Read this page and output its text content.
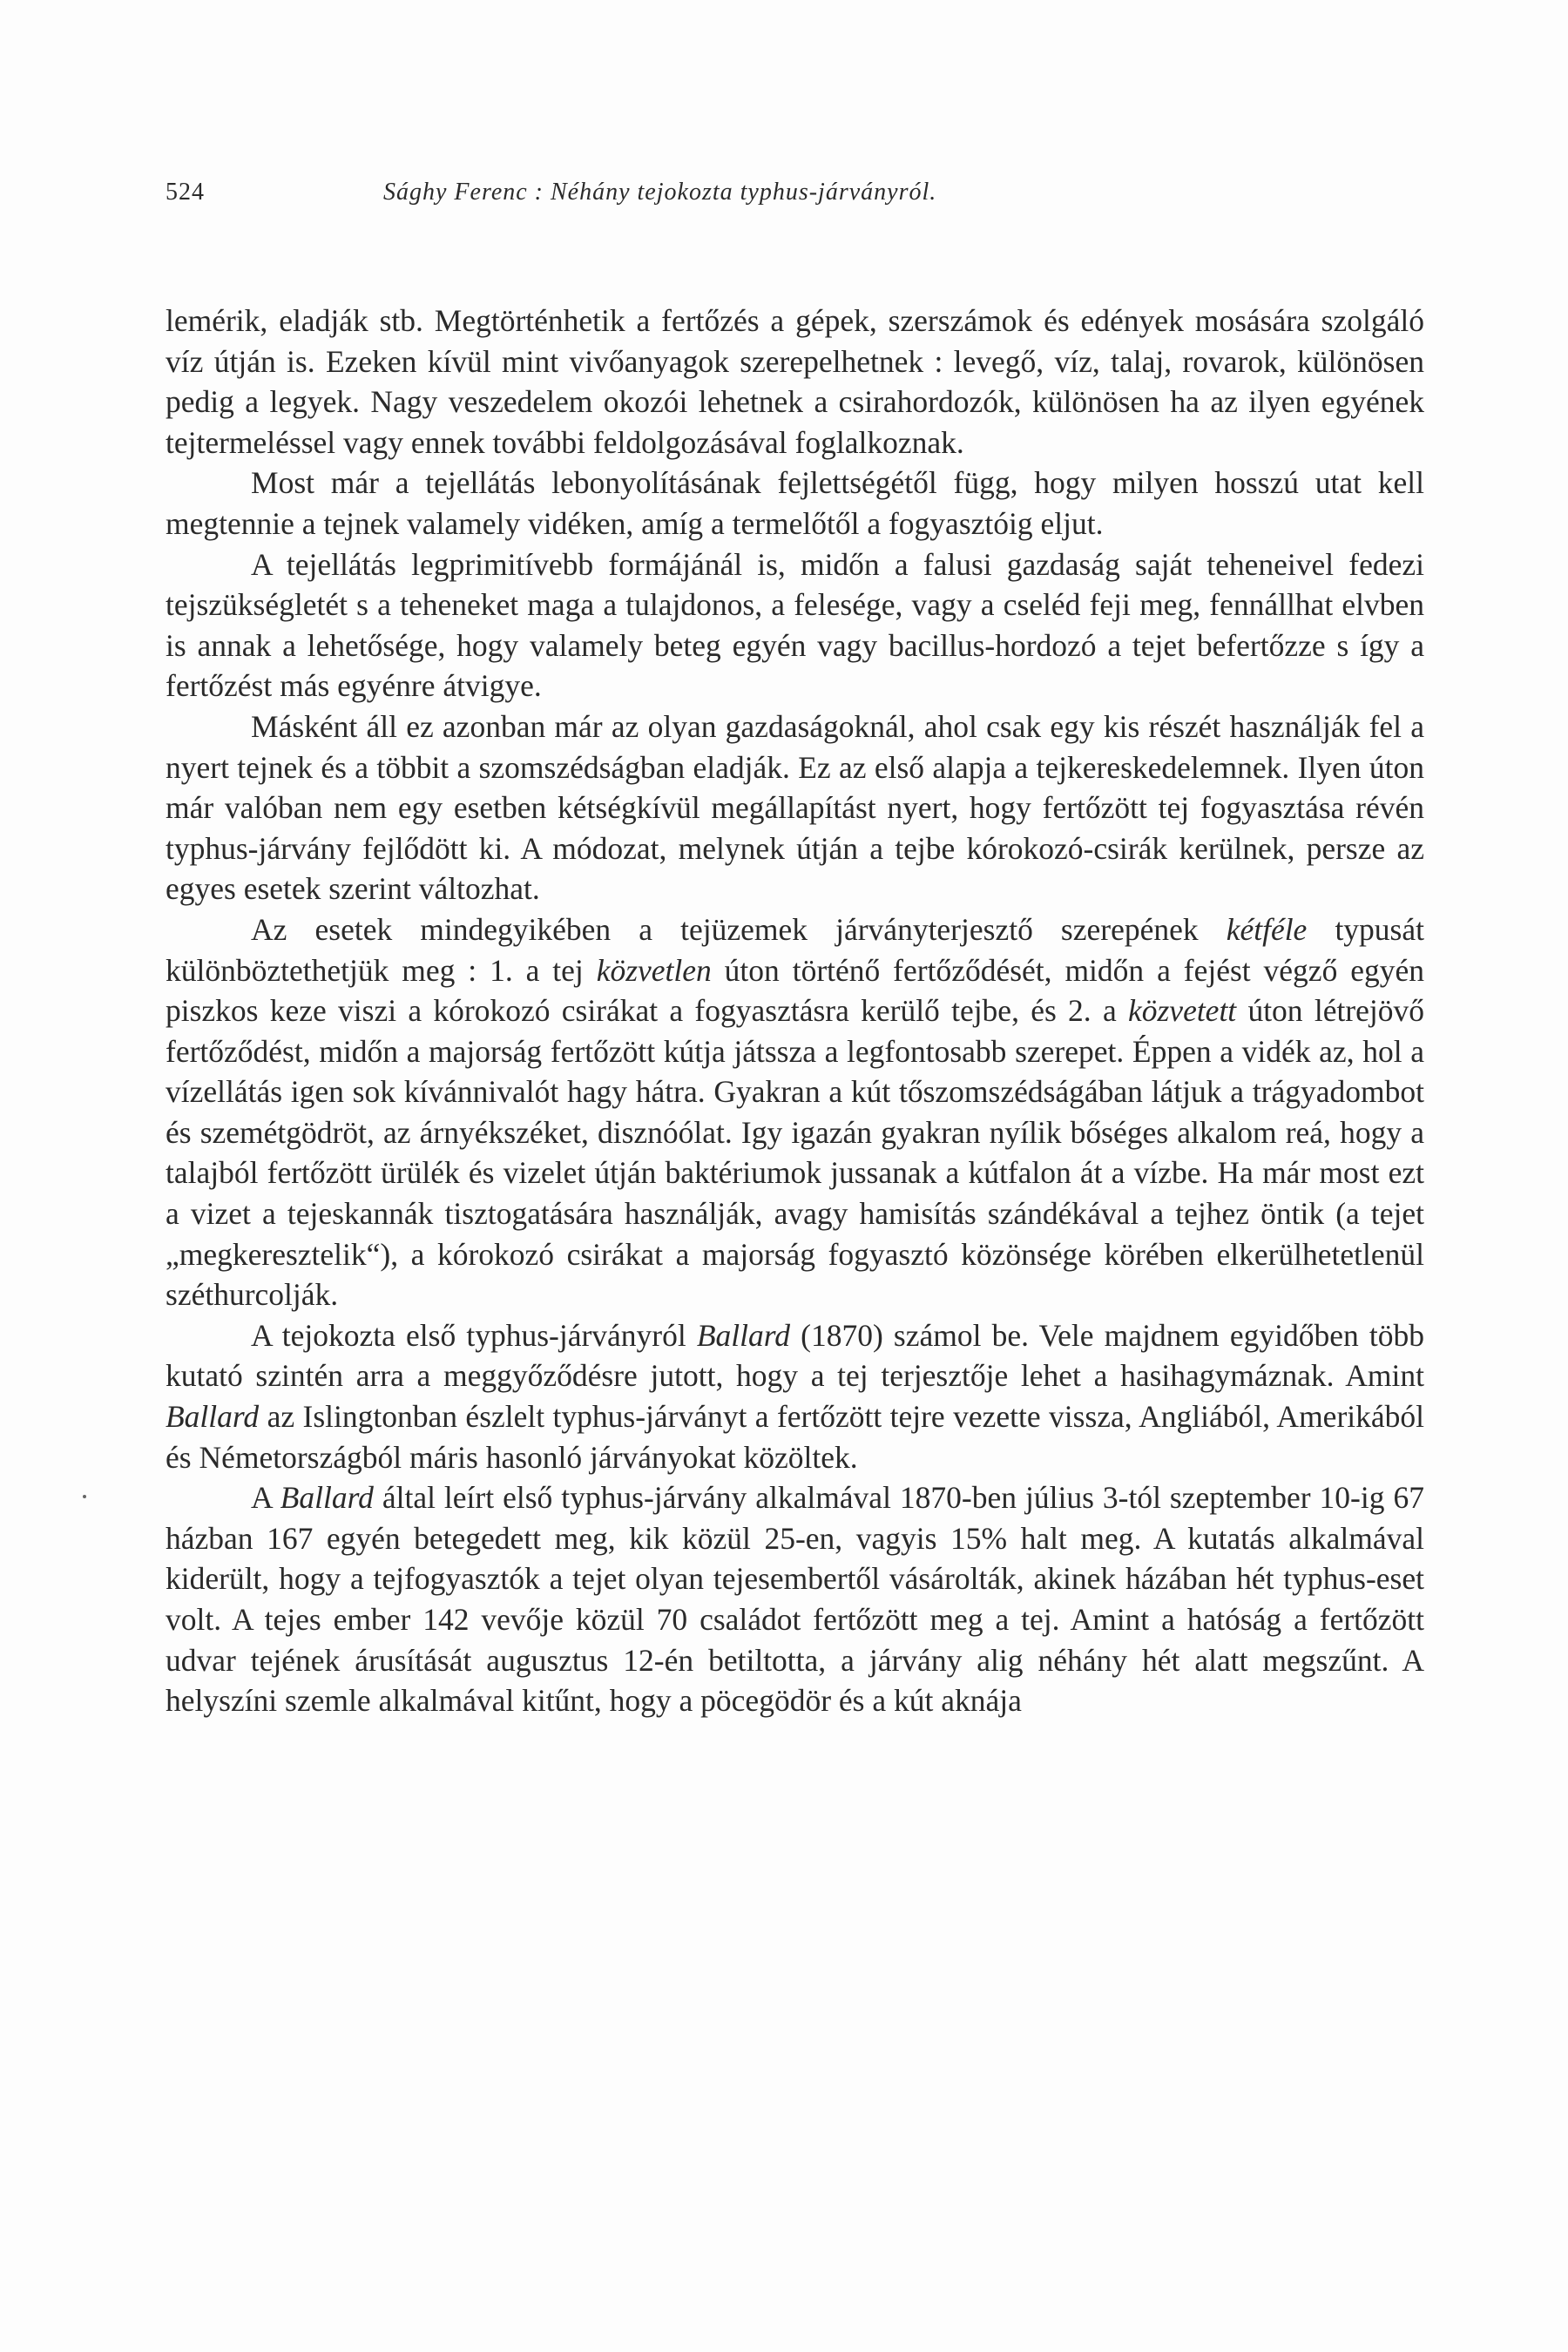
524	Sághy Ferenc : Néhány tejokozta typhus-járványról.

lemérik, eladják stb. Megtörténhetik a fertőzés a gépek, szerszámok és edények mosására szolgáló víz útján is. Ezeken kívül mint vivőanyagok szerepelhetnek : levegő, víz, talaj, rovarok, különösen pedig a legyek. Nagy veszedelem okozói lehetnek a csirahordozók, különösen ha az ilyen egyének tejtermeléssel vagy ennek további feldolgozásával foglalkoznak.

Most már a tejellátás lebonyolításának fejlettségétől függ, hogy milyen hosszú utat kell megtennie a tejnek valamely vidéken, amíg a termelőtől a fogyasztóig eljut.

A tejellátás legprimitívebb formájánál is, midőn a falusi gazdaság saját teheneivel fedezi tejszükségletét s a teheneket maga a tulajdonos, a felesége, vagy a cseléd feji meg, fennállhat elvben is annak a lehetősége, hogy valamely beteg egyén vagy bacillus-hordozó a tejet befertőzze s így a fertőzést más egyénre átvigye.

Másként áll ez azonban már az olyan gazdaságoknál, ahol csak egy kis részét használják fel a nyert tejnek és a többit a szomszédságban eladják. Ez az első alapja a tejkereskedelemnek. Ilyen úton már valóban nem egy esetben kétségkívül megállapítást nyert, hogy fertőzött tej fogyasztása révén typhus-járvány fejlődött ki. A módozat, melynek útján a tejbe kórokozó-csirák kerülnek, persze az egyes esetek szerint változhat.

Az esetek mindegyikében a tejüzemek járványterjesztő szerepének kétféle typusát különböztethetjük meg : 1. a tej közvetlen úton történő fertőződését, midőn a fejést végző egyén piszkos keze viszi a kórokozó csirákat a fogyasztásra kerülő tejbe, és 2. a közvetett úton létrejövő fertőződést, midőn a majorság fertőzött kútja játssza a legfontosabb szerepet. Éppen a vidék az, hol a vízellátás igen sok kívánnivalót hagy hátra. Gyakran a kút tőszomszédságában látjuk a trágyadombot és szemétgödröt, az árnyékszéket, disznóólat. Igy igazán gyakran nyílik bőséges alkalom reá, hogy a talajból fertőzött ürülék és vizelet útján baktériumok jussanak a kútfalon át a vízbe. Ha már most ezt a vizet a tejeskannák tisztogatására használják, avagy hamisítás szándékával a tejhez öntik (a tejet „megkeresztelik“), a kórokozó csirákat a majorság fogyasztó közönsége körében elkerülhetetlenül széthurcolják.

A tejokozta első typhus-járványról Ballard (1870) számol be. Vele majdnem egyidőben több kutató szintén arra a meggyőződésre jutott, hogy a tej terjesztője lehet a hasihagymáznak. Amint Ballard az Islingtonban észlelt typhus-járványt a fertőzött tejre vezette vissza, Angliából, Amerikából és Németországból máris hasonló járványokat közöltek.

A Ballard által leírt első typhus-járvány alkalmával 1870-ben július 3-tól szeptember 10-ig 67 házban 167 egyén betegedett meg, kik közül 25-en, vagyis 15% halt meg. A kutatás alkalmával kiderült, hogy a tejfogyasztók a tejet olyan tejesembertől vásárolták, akinek házában hét typhus-eset volt. A tejes ember 142 vevője közül 70 családot fertőzött meg a tej. Amint a hatóság a fertőzött udvar tejének árusítását augusztus 12-én betiltotta, a járvány alig néhány hét alatt megszűnt. A helyszíni szemle alkalmával kitűnt, hogy a pöcegödör és a kút aknája
